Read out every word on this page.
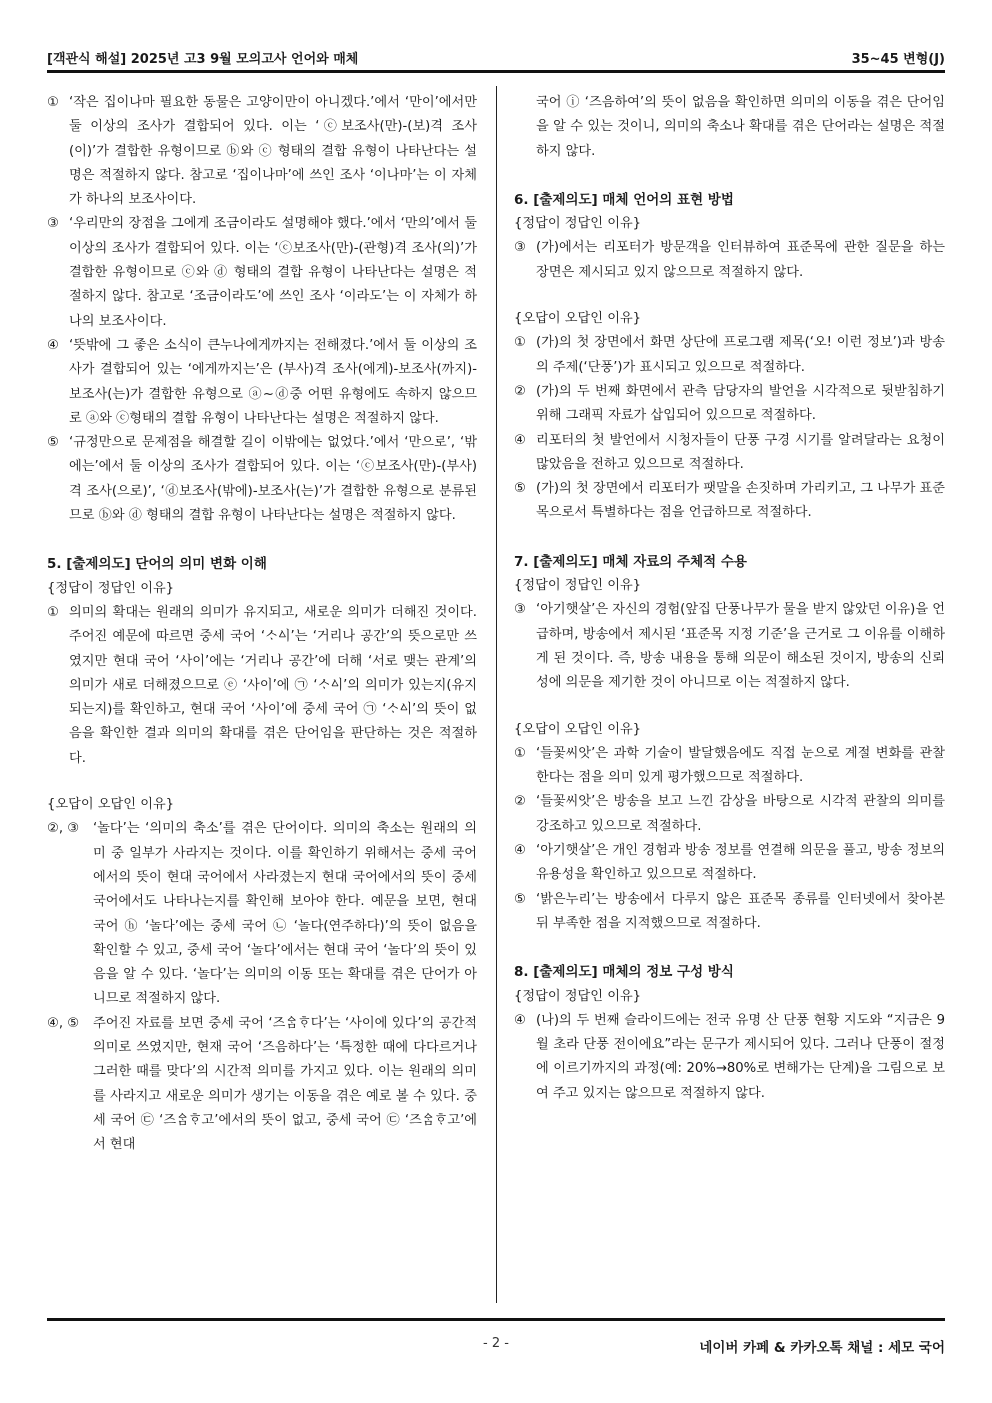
[객관식 해설] 2025년 고3 9월 모의고사 언어와 매체	35~45 변형(J)
① ‘작은 집이나마 필요한 동물은 고양이만이 아니겠다.’에서 ‘만이’에서만 둘 이상의 조사가 결합되어 있다. 이는 ‘ⓒ보조사(만)-(보)격 조사(이)’가 결합한 유형이므로 ⓑ와 ⓒ 형태의 결합 유형이 나타난다는 설명은 적절하지 않다. 참고로 ‘집이나마’에 쓰인 조사 ‘이나마’는 이 자체가 하나의 보조사이다.
③ ‘우리만의 장점을 그에게 조금이라도 설명해야 했다.’에서 ‘만의’에서 둘 이상의 조사가 결합되어 있다. 이는 ‘ⓒ보조사(만)-(관형)격 조사(의)’가 결합한 유형이므로 ⓒ와 ⓓ 형태의 결합 유형이 나타난다는 설명은 적절하지 않다. 참고로 ‘조금이라도’에 쓰인 조사 ‘이라도’는 이 자체가 하나의 보조사이다.
④ ‘뜻밖에 그 좋은 소식이 큰누나에게까지는 전해졌다.’에서 둘 이상의 조사가 결합되어 있는 ‘에게까지는’은 (부사)격 조사(에게)-보조사(까지)-보조사(는)가 결합한 유형으로 ⓐ~ⓓ중 어떤 유형에도 속하지 않으므로 ⓐ와 ⓒ형태의 결합 유형이 나타난다는 설명은 적절하지 않다.
⑤ ‘규정만으로 문제점을 해결할 길이 이밖에는 없었다.’에서 ‘만으로’, ‘밖에는’에서 둘 이상의 조사가 결합되어 있다. 이는 ‘ⓒ보조사(만)-(부사)격 조사(으로)’, ‘ⓓ보조사(밖에)-보조사(는)’가 결합한 유형으로 분류된므로 ⓑ와 ⓓ 형태의 결합 유형이 나타난다는 설명은 적절하지 않다.
5. [출제의도] 단어의 의미 변화 이해
{정답이 정답인 이유}
① 의미의 확대는 원래의 의미가 유지되고, 새로운 의미가 더해진 것이다. 주어진 예문에 따르면 중세 국어 ‘ᄉᆞᅀᅵ’는 ‘거리나 공간’의 뜻으로만 쓰였지만 현대 국어 ‘사이’에는 ‘거리나 공간’에 더해 ‘서로 맺는 관계’의 의미가 새로 더해졌으므로 ⓔ ‘사이’에 ㉠ ‘ᄉᆞᅀᅵ’의 의미가 있는지(유지되는지)를 확인하고, 현대 국어 ‘사이’에 중세 국어 ㉠ ‘ᄉᆞᅀᅵ’의 뜻이 없음을 확인한 결과 의미의 확대를 겪은 단어임을 판단하는 것은 적절하다.
{오답이 오답인 이유}
②, ③	‘놀다’는 ‘의미의 축소’를 겪은 단어이다. 의미의 축소는 원래의 의미 중 일부가 사라지는 것이다. 이를 확인하기 위해서는 중세 국어에서의 뜻이 현대 국어에서 사라졌는지 현대 국어에서의 뜻이 중세 국어에서도 나타나는지를 확인해 보아야 한다. 예문을 보면, 현대 국어 ⓗ ‘놀다’에는 중세 국어 ㉡ ‘놀다(연주하다)’의 뜻이 없음을 확인할 수 있고, 중세 국어 ‘놀다’에서는 현대 국어 ‘놀다’의 뜻이 있음을 알 수 있다. ‘놀다’는 의미의 이동 또는 확대를 겪은 단어가 아니므로 적절하지 않다.
④, ⑤	주어진 자료를 보면 중세 국어 ‘즈ᅀᆞᆷᄒᆞ다’는 ‘사이에 있다’의 공간적 의미로 쓰였지만, 현재 국어 ‘즈음하다’는 ‘특정한 때에 다다르거나 그러한 때를 맞다’의 시간적 의미를 가지고 있다. 이는 원래의 의미를 사라지고 새로운 의미가 생기는 이동을 겪은 예로 볼 수 있다. 중세 국어 ㉢ ‘즈ᅀᆞᆷᄒᆞ고’에서의 뜻이 없고, 중세 국어 ㉢ ‘즈ᅀᆞᆷᄒᆞ고’에서 현대
국어 ⓘ ‘즈음하여’의 뜻이 없음을 확인하면 의미의 이동을 겪은 단어임을 알 수 있는 것이니, 의미의 축소나 확대를 겪은 단어라는 설명은 적절하지 않다.
6. [출제의도] 매체 언어의 표현 방법
{정답이 정답인 이유}
③ (가)에서는 리포터가 방문객을 인터뷰하여 표준목에 관한 질문을 하는 장면은 제시되고 있지 않으므로 적절하지 않다.
{오답이 오답인 이유}
① (가)의 첫 장면에서 화면 상단에 프로그램 제목(‘오! 이런 정보’)과 방송의 주제(‘단풍’)가 표시되고 있으므로 적절하다.
② (가)의 두 번째 화면에서 관측 담당자의 발언을 시각적으로 뒷받침하기 위해 그래픽 자료가 삽입되어 있으므로 적절하다.
④ 리포터의 첫 발언에서 시청자들이 단풍 구경 시기를 알려달라는 요청이 많았음을 전하고 있으므로 적절하다.
⑤ (가)의 첫 장면에서 리포터가 팻말을 손짓하며 가리키고, 그 나무가 표준목으로서 특별하다는 점을 언급하므로 적절하다.
7. [출제의도] 매체 자료의 주체적 수용
{정답이 정답인 이유}
③ ‘아기햇살’은 자신의 경험(앞집 단풍나무가 물을 받지 않았던 이유)을 언급하며, 방송에서 제시된 ‘표준목 지정 기준’을 근거로 그 이유를 이해하게 된 것이다. 즉, 방송 내용을 통해 의문이 해소된 것이지, 방송의 신뢰성에 의문을 제기한 것이 아니므로 이는 적절하지 않다.
{오답이 오답인 이유}
① ‘들꽃씨앗’은 과학 기술이 발달했음에도 직접 눈으로 계절 변화를 관찰한다는 점을 의미 있게 평가했으므로 적절하다.
② ‘들꽃씨앗’은 방송을 보고 느낀 감상을 바탕으로 시각적 관찰의 의미를 강조하고 있으므로 적절하다.
④ ‘아기햇살’은 개인 경험과 방송 정보를 연결해 의문을 풀고, 방송 정보의 유용성을 확인하고 있으므로 적절하다.
⑤ ‘밝은누리’는 방송에서 다루지 않은 표준목 종류를 인터넷에서 찾아본 뒤 부족한 점을 지적했으므로 적절하다.
8. [출제의도] 매체의 정보 구성 방식
{정답이 정답인 이유}
④ (나)의 두 번째 슬라이드에는 전국 유명 산 단풍 현황 지도와 “지금은 9월 초라 단풍 전이에요”라는 문구가 제시되어 있다. 그러나 단풍이 절정에 이르기까지의 과정(예: 20%→80%로 변해가는 단계)을 그림으로 보여 주고 있지는 않으므로 적절하지 않다.
- 2 -	네이버 카페 & 카카오톡 채널 : 세모 국어
